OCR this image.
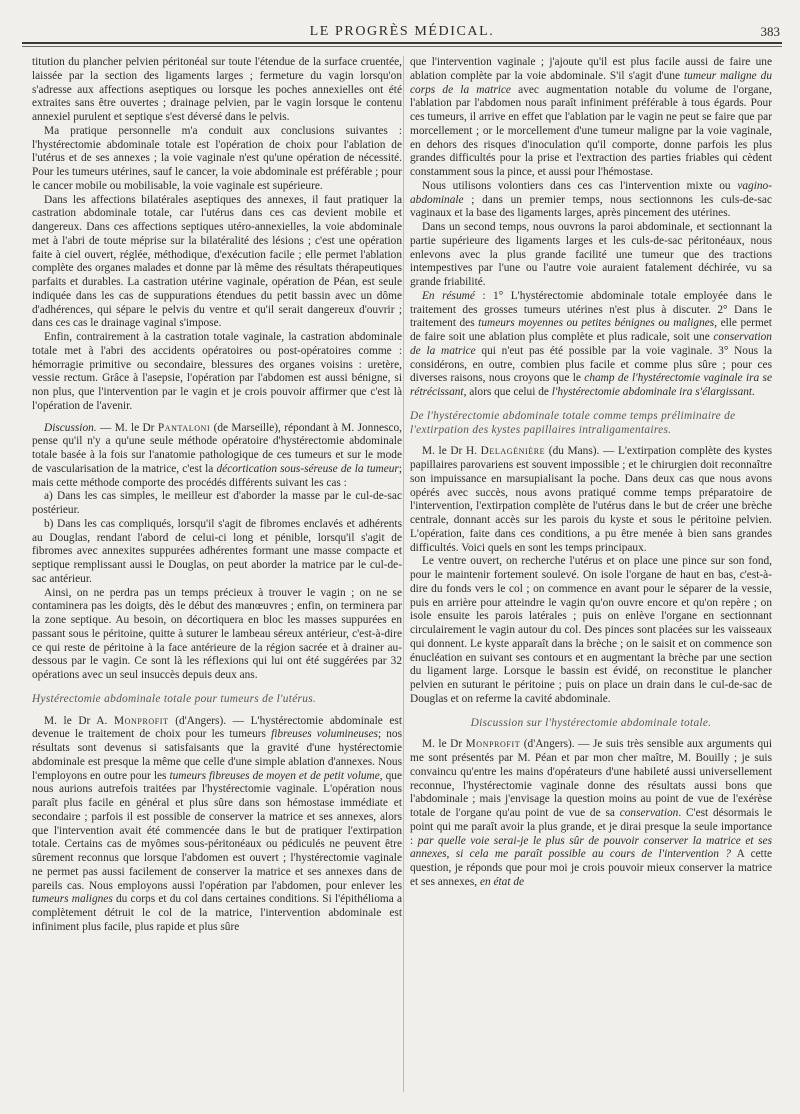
LE PROGRÈS MÉDICAL.	383

titution du plancher pelvien péritonéal sur toute l'étendue de la surface cruentée, laissée par la section des ligaments larges ; fermeture du vagin lorsqu'on s'adresse aux affections aseptiques ou lorsque les poches annexielles ont été extraites sans être ouvertes ; drainage pelvien, par le vagin lorsque le contenu annexiel purulent et septique s'est déversé dans le pelvis.

Ma pratique personnelle m'a conduit aux conclusions suivantes : l'hystérectomie abdominale totale est l'opération de choix pour l'ablation de l'utérus et de ses annexes ; la voie vaginale n'est qu'une opération de nécessité. Pour les tumeurs utérines, sauf le cancer, la voie abdominale est préférable ; pour le cancer mobile ou mobilisable, la voie vaginale est supérieure.

Dans les affections bilatérales aseptiques des annexes, il faut pratiquer la castration abdominale totale, car l'utérus dans ces cas devient mobile et dangereux. Dans ces affections septiques utéro-annexielles, la voie abdominale met à l'abri de toute méprise sur la bilatéralité des lésions ; c'est une opération faite à ciel ouvert, réglée, méthodique, d'exécution facile ; elle permet l'ablation complète des organes malades et donne par là même des résultats thérapeutiques parfaits et durables. La castration utérine vaginale, opération de Péan, est seule indiquée dans les cas de suppurations étendues du petit bassin avec un dôme d'adhérences, qui sépare le pelvis du ventre et qu'il serait dangereux d'ouvrir ; dans ces cas le drainage vaginal s'impose.

Enfin, contrairement à la castration totale vaginale, la castration abdominale totale met à l'abri des accidents opératoires ou post-opératoires comme : hémorragie primitive ou secondaire, blessures des organes voisins : uretère, vessie rectum. Grâce à l'asepsie, l'opération par l'abdomen est aussi bénigne, si non plus, que l'intervention par le vagin et je crois pouvoir affirmer que c'est là l'opération de l'avenir.

Discussion. — M. le Dr Pantaloni (de Marseille), répondant à M. Jonnesco, pense qu'il n'y a qu'une seule méthode opératoire d'hystérectomie abdominale totale basée à la fois sur l'anatomie pathologique de ces tumeurs et sur le mode de vascularisation de la matrice, c'est la décortication sous-séreuse de la tumeur; mais cette méthode comporte des procédés différents suivant les cas :

a) Dans les cas simples, le meilleur est d'aborder la masse par le cul-de-sac postérieur.

b) Dans les cas compliqués, lorsqu'il s'agit de fibromes enclavés et adhérents au Douglas, rendant l'abord de celui-ci long et pénible, lorsqu'il s'agit de fibromes avec annexites suppurées adhérentes formant une masse compacte et septique remplissant aussi le Douglas, on peut aborder la matrice par le cul-de-sac antérieur.

Ainsi, on ne perdra pas un temps précieux à trouver le vagin ; on ne se contaminera pas les doigts, dès le début des manœuvres ; enfin, on terminera par la zone septique. Au besoin, on décortiquera en bloc les masses suppurées en passant sous le péritoine, quitte à suturer le lambeau séreux antérieur, c'est-à-dire ce qui reste de péritoine à la face antérieure de la région sacrée et à drainer au-dessous par le vagin. Ce sont là les réflexions qui lui ont été suggérées par 32 opérations avec un seul insuccès depuis deux ans.

Hystérectomie abdominale totale pour tumeurs de l'utérus.

M. le Dr A. Monprofit (d'Angers). — L'hystérectomie abdominale est devenue le traitement de choix pour les tumeurs fibreuses volumineuses; nos résultats sont devenus si satisfaisants que la gravité d'une hystérectomie abdominale est presque la même que celle d'une simple ablation d'annexes. Nous l'employons en outre pour les tumeurs fibreuses de moyen et de petit volume, que nous aurions autrefois traitées par l'hystérectomie vaginale. L'opération nous paraît plus facile en général et plus sûre dans son hémostase immédiate et secondaire ; parfois il est possible de conserver la matrice et ses annexes, alors que l'intervention avait été commencée dans le but de pratiquer l'extirpation totale. Certains cas de myômes sous-péritonéaux ou pédiculés ne peuvent être sûrement reconnus que lorsque l'abdomen est ouvert ; l'hystérectomie vaginale ne permet pas aussi facilement de conserver la matrice et ses annexes dans de pareils cas. Nous employons aussi l'opération par l'abdomen, pour enlever les tumeurs malignes du corps et du col dans certaines conditions. Si l'épithélioma a complètement détruit le col de la matrice, l'intervention abdominale est infiniment plus facile, plus rapide et plus sûre

que l'intervention vaginale ; j'ajoute qu'il est plus facile aussi de faire une ablation complète par la voie abdominale. S'il s'agit d'une tumeur maligne du corps de la matrice avec augmentation notable du volume de l'organe, l'ablation par l'abdomen nous paraît infiniment préférable à tous égards. Pour ces tumeurs, il arrive en effet que l'ablation par le vagin ne peut se faire que par morcellement ; or le morcellement d'une tumeur maligne par la voie vaginale, en dehors des risques d'inoculation qu'il comporte, donne parfois les plus grandes difficultés pour la prise et l'extraction des parties friables qui cèdent constamment sous la pince, et aussi pour l'hémostase.

Nous utilisons volontiers dans ces cas l'intervention mixte ou vagino-abdominale ; dans un premier temps, nous sectionnons les culs-de-sac vaginaux et la base des ligaments larges, après pincement des utérines.

Dans un second temps, nous ouvrons la paroi abdominale, et sectionnant la partie supérieure des ligaments larges et les culs-de-sac péritonéaux, nous enlevons avec la plus grande facilité une tumeur que des tractions intempestives par l'une ou l'autre voie auraient fatalement déchirée, vu sa grande friabilité.

En résumé : 1° L'hystérectomie abdominale totale employée dans le traitement des grosses tumeurs utérines n'est plus à discuter. 2° Dans le traitement des tumeurs moyennes ou petites bénignes ou malignes, elle permet de faire soit une ablation plus complète et plus radicale, soit une conservation de la matrice qui n'eut pas été possible par la voie vaginale. 3° Nous la considérons, en outre, combien plus facile et comme plus sûre ; pour ces diverses raisons, nous croyons que le champ de l'hystérectomie vaginale ira se rétrécissant, alors que celui de l'hystérectomie abdominale ira s'élargissant.

De l'hystérectomie abdominale totale comme temps préliminaire de l'extirpation des kystes papillaires intraligamentaires.

M. le Dr H. Delagénière (du Mans). — L'extirpation complète des kystes papillaires parovariens est souvent impossible ; et le chirurgien doit reconnaître son impuissance en marsupialisant la poche. Dans deux cas que nous avons opérés avec succès, nous avons pratiqué comme temps préparatoire de l'intervention, l'extirpation complète de l'utérus dans le but de créer une brèche centrale, donnant accès sur les parois du kyste et sous le péritoine pelvien. L'opération, faite dans ces conditions, a pu être menée à bien sans grandes difficultés. Voici quels en sont les temps principaux.

Le ventre ouvert, on recherche l'utérus et on place une pince sur son fond, pour le maintenir fortement soulevé. On isole l'organe de haut en bas, c'est-à-dire du fonds vers le col ; on commence en avant pour le séparer de la vessie, puis en arrière pour atteindre le vagin qu'on ouvre encore et qu'on repère ; on isole ensuite les parois latérales ; puis on enlève l'organe en sectionnant circulairement le vagin autour du col. Des pinces sont placées sur les vaisseaux qui donnent. Le kyste apparaît dans la brèche ; on le saisit et on commence son énucléation en suivant ses contours et en augmentant la brèche par une section du ligament large. Lorsque le bassin est évidé, on reconstitue le plancher pelvien en suturant le péritoine ; puis on place un drain dans le cul-de-sac de Douglas et on referme la cavité abdominale.

Discussion sur l'hystérectomie abdominale totale.

M. le Dr Monprofit (d'Angers). — Je suis très sensible aux arguments qui me sont présentés par M. Péan et par mon cher maître, M. Bouilly ; je suis convaincu qu'entre les mains d'opérateurs d'une habileté aussi universellement reconnue, l'hystérectomie vaginale donne des résultats aussi bons que l'abdominale ; mais j'envisage la question moins au point de vue de l'exérèse totale de l'organe qu'au point de vue de sa conservation. C'est désormais le point qui me paraît avoir la plus grande, et je dirai presque la seule importance : par quelle voie serai-je le plus sûr de pouvoir conserver la matrice et ses annexes, si cela me paraît possible au cours de l'intervention ? A cette question, je réponds que pour moi je crois pouvoir mieux conserver la matrice et ses annexes, en état de
